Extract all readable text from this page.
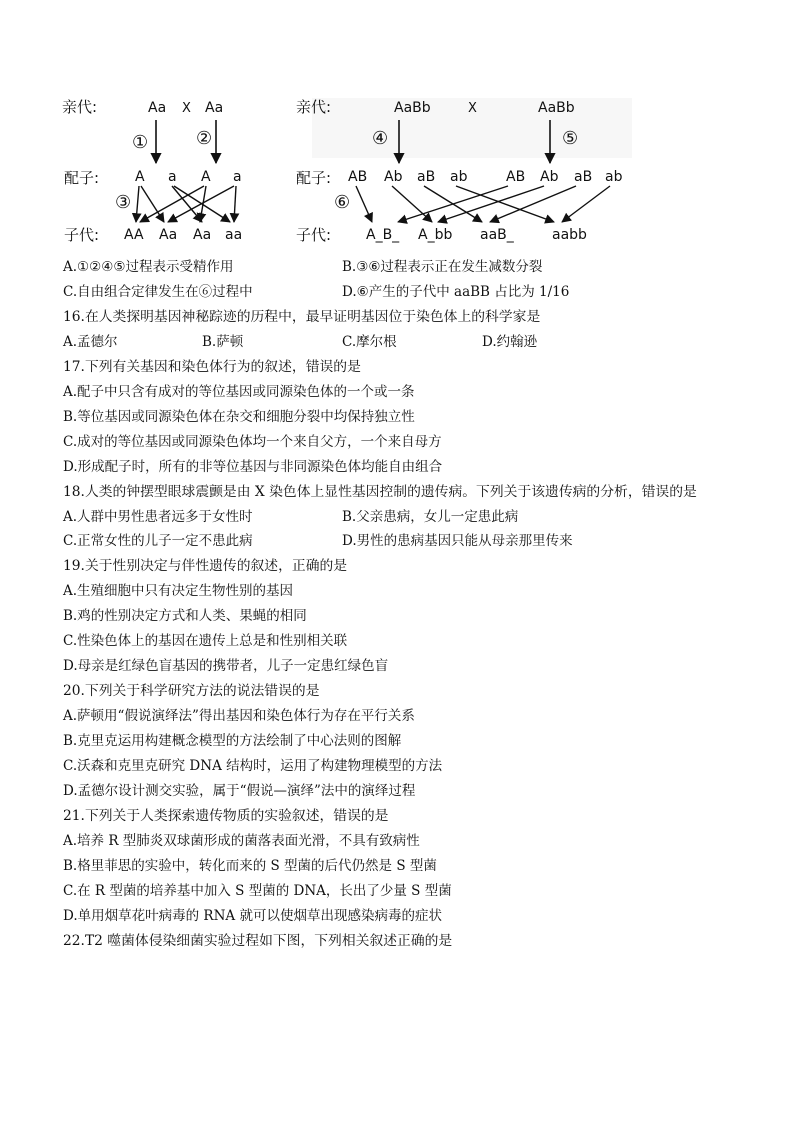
亲代:	Aa X Aa
①	②
配子:	A a A a
③
子代: AA Aa Aa aa
亲代:	AaBb	X	AaBb
④	⑤
配子: AB Ab aB ab	AB Ab aB ab
⑥
子代: A_B_ A_bb aaB_	aabb
A.①②④⑤过程表示受精作用	B.③⑥过程表示正在发生减数分裂
C.自由组合定律发生在⑥过程中	D.⑥产生的子代中 aaBB 占比为 1/16
16.在人类探明基因神秘踪迹的历程中，最早证明基因位于染色体上的科学家是
A.孟德尔	B.萨顿	C.摩尔根	D.约翰逊
17.下列有关基因和染色体行为的叙述，错误的是
A.配子中只含有成对的等位基因或同源染色体的一个或一条
B.等位基因或同源染色体在杂交和细胞分裂中均保持独立性
C.成对的等位基因或同源染色体均一个来自父方，一个来自母方
D.形成配子时，所有的非等位基因与非同源染色体均能自由组合
18.人类的钟摆型眼球震颤是由 X 染色体上显性基因控制的遗传病。下列关于该遗传病的分析，错误的是
A.人群中男性患者远多于女性时	B.父亲患病，女儿一定患此病
C.正常女性的儿子一定不患此病	D.男性的患病基因只能从母亲那里传来
19.关于性别决定与伴性遗传的叙述，正确的是
A.生殖细胞中只有决定生物性别的基因
B.鸡的性别决定方式和人类、果蝇的相同
C.性染色体上的基因在遗传上总是和性别相关联
D.母亲是红绿色盲基因的携带者，儿子一定患红绿色盲
20.下列关于科学研究方法的说法错误的是
A.萨顿用“假说演绎法”得出基因和染色体行为存在平行关系
B.克里克运用构建概念模型的方法绘制了中心法则的图解
C.沃森和克里克研究 DNA 结构时，运用了构建物理模型的方法
D.孟德尔设计测交实验，属于“假说—演绎”法中的演绎过程
21.下列关于人类探索遗传物质的实验叙述，错误的是
A.培养 R 型肺炎双球菌形成的菌落表面光滑，不具有致病性
B.格里菲思的实验中，转化而来的 S 型菌的后代仍然是 S 型菌
C.在 R 型菌的培养基中加入 S 型菌的 DNA，长出了少量 S 型菌
D.单用烟草花叶病毒的 RNA 就可以使烟草出现感染病毒的症状
22.T2 噬菌体侵染细菌实验过程如下图，下列相关叙述正确的是
